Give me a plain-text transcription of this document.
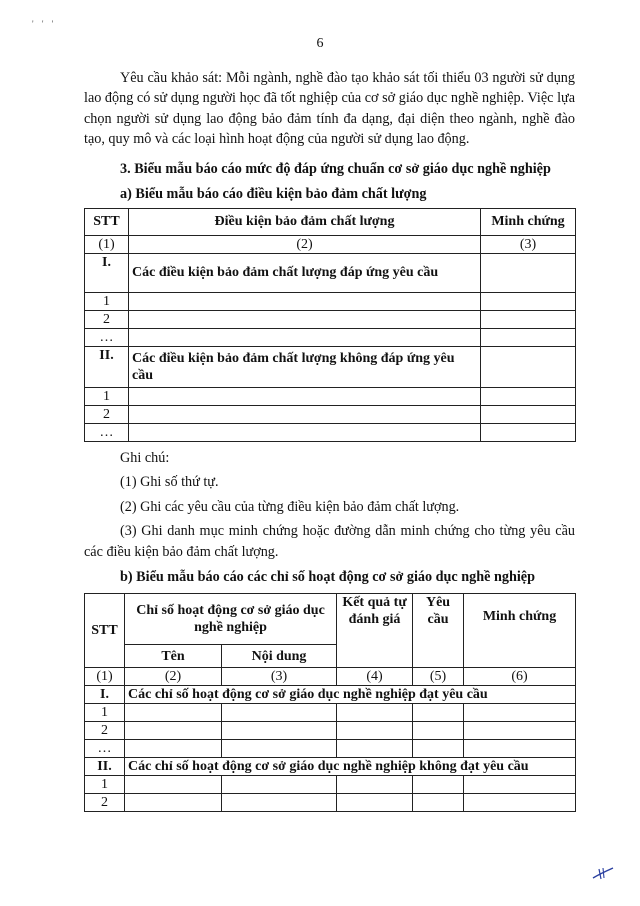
' ' '
6

Yêu cầu khảo sát: Mỗi ngành, nghề đào tạo khảo sát tối thiểu 03 người sử dụng lao động có sử dụng người học đã tốt nghiệp của cơ sở giáo dục nghề nghiệp. Việc lựa chọn người sử dụng lao động bảo đảm tính đa dạng, đại diện theo ngành, nghề đào tạo, quy mô và các loại hình hoạt động của người sử dụng lao động.

3. Biểu mẫu báo cáo mức độ đáp ứng chuẩn cơ sở giáo dục nghề nghiệp

a) Biểu mẫu báo cáo điều kiện bảo đảm chất lượng

STT	Điều kiện bảo đảm chất lượng	Minh chứng
(1)	(2)	(3)
I.	Các điều kiện bảo đảm chất lượng đáp ứng yêu cầu	
1		
2		
…		
II.	Các điều kiện bảo đảm chất lượng không đáp ứng yêu cầu	
1		
2		
…		

Ghi chú:

(1) Ghi số thứ tự.

(2) Ghi các yêu cầu của từng điều kiện bảo đảm chất lượng.

(3) Ghi danh mục minh chứng hoặc đường dẫn minh chứng cho từng yêu cầu các điều kiện bảo đảm chất lượng.

b) Biểu mẫu báo cáo các chỉ số hoạt động cơ sở giáo dục nghề nghiệp

STT	Chỉ số hoạt động cơ sở giáo dục nghề nghiệp		Kết quả tự đánh giá	Yêu cầu	Minh chứng
	Tên	Nội dung			
(1)	(2)	(3)	(4)	(5)	(6)
I.	Các chỉ số hoạt động cơ sở giáo dục nghề nghiệp đạt yêu cầu				
1					
2					
…					
II.	Các chỉ số hoạt động cơ sở giáo dục nghề nghiệp không đạt yêu cầu				
1					
2					
